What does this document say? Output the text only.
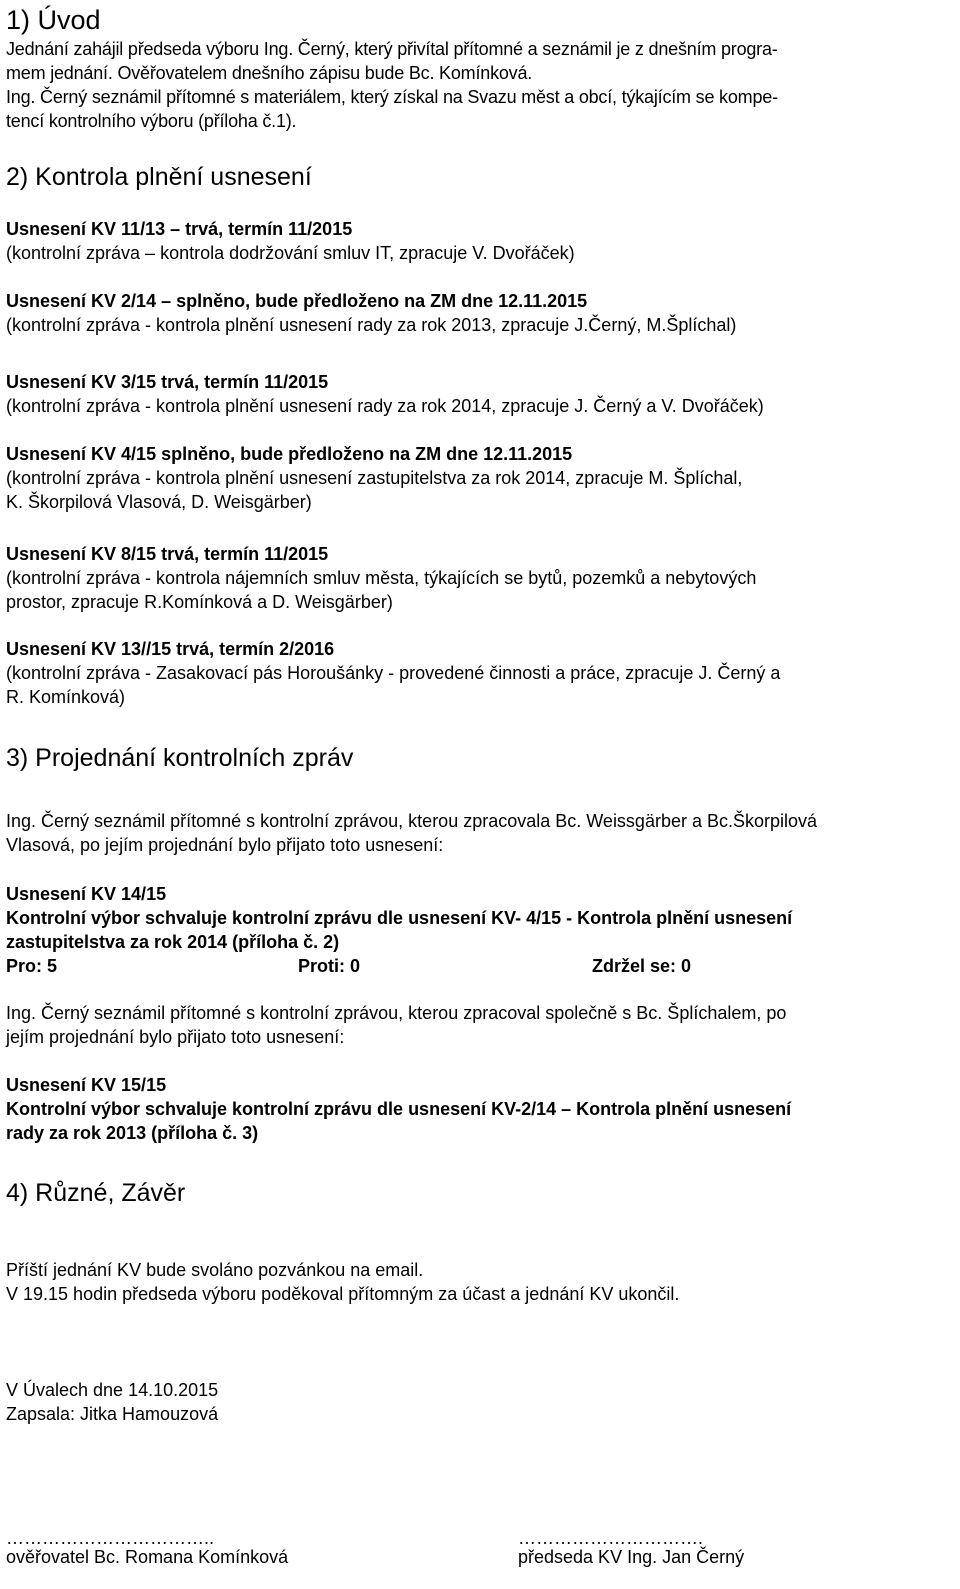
1) Úvod
Jednání zahájil předseda výboru Ing. Černý, který přivítal přítomné a seznámil je z dnešním progra-
mem jednání. Ověřovatelem dnešního zápisu bude Bc. Komínková.
Ing. Černý seznámil přítomné s materiálem, který získal na Svazu měst a obcí, týkajícím se kompe-
tencí kontrolního výboru (příloha č.1).
2) Kontrola plnění usnesení
Usnesení KV 11/13 – trvá, termín 11/2015
(kontrolní zpráva – kontrola dodržování smluv IT, zpracuje V. Dvořáček)
Usnesení KV 2/14 – splněno, bude předloženo na ZM dne 12.11.2015
(kontrolní zpráva - kontrola plnění usnesení rady za rok 2013, zpracuje J.Černý, M.Šplíchal)
Usnesení KV 3/15 trvá, termín 11/2015
(kontrolní zpráva - kontrola plnění usnesení rady za rok 2014, zpracuje J. Černý a V. Dvořáček)
Usnesení KV 4/15 splněno, bude předloženo na ZM dne 12.11.2015
(kontrolní zpráva - kontrola plnění usnesení zastupitelstva za rok 2014, zpracuje M. Šplíchal,
K. Škorpilová Vlasová, D. Weisgärber)
Usnesení KV 8/15 trvá, termín 11/2015
(kontrolní zpráva - kontrola nájemních smluv města, týkajících se bytů, pozemků a nebytových
prostor, zpracuje R.Komínková a D. Weisgärber)
Usnesení KV 13//15 trvá, termín 2/2016
(kontrolní zpráva - Zasakovací pás Horoušánky - provedené činnosti a práce, zpracuje J. Černý a
R. Komínková)
3) Projednání kontrolních zpráv
Ing. Černý seznámil přítomné s kontrolní zprávou, kterou zpracovala Bc. Weissgärber a Bc.Škorpilová
Vlasová, po jejím projednání bylo přijato toto usnesení:
Usnesení KV 14/15
Kontrolní výbor schvaluje kontrolní zprávu dle usnesení KV- 4/15 - Kontrola plnění usnesení
zastupitelstva za rok 2014 (příloha č. 2)
Pro: 5	Proti: 0	Zdržel se: 0
Ing. Černý seznámil přítomné s kontrolní zprávou, kterou zpracoval společně s Bc. Šplíchalem, po
jejím projednání bylo přijato toto usnesení:
Usnesení KV 15/15
Kontrolní výbor schvaluje kontrolní zprávu dle usnesení KV-2/14 – Kontrola plnění usnesení
rady za rok 2013 (příloha č. 3)
4) Různé, Závěr
Příští jednání KV bude svoláno pozvánkou na email.
V 19.15 hodin předseda výboru poděkoval přítomným za účast a jednání KV ukončil.
V Úvalech dne 14.10.2015
Zapsala: Jitka Hamouzová
……………………………..	………………………….
ověřovatel Bc. Romana Komínková	předseda KV Ing. Jan Černý
